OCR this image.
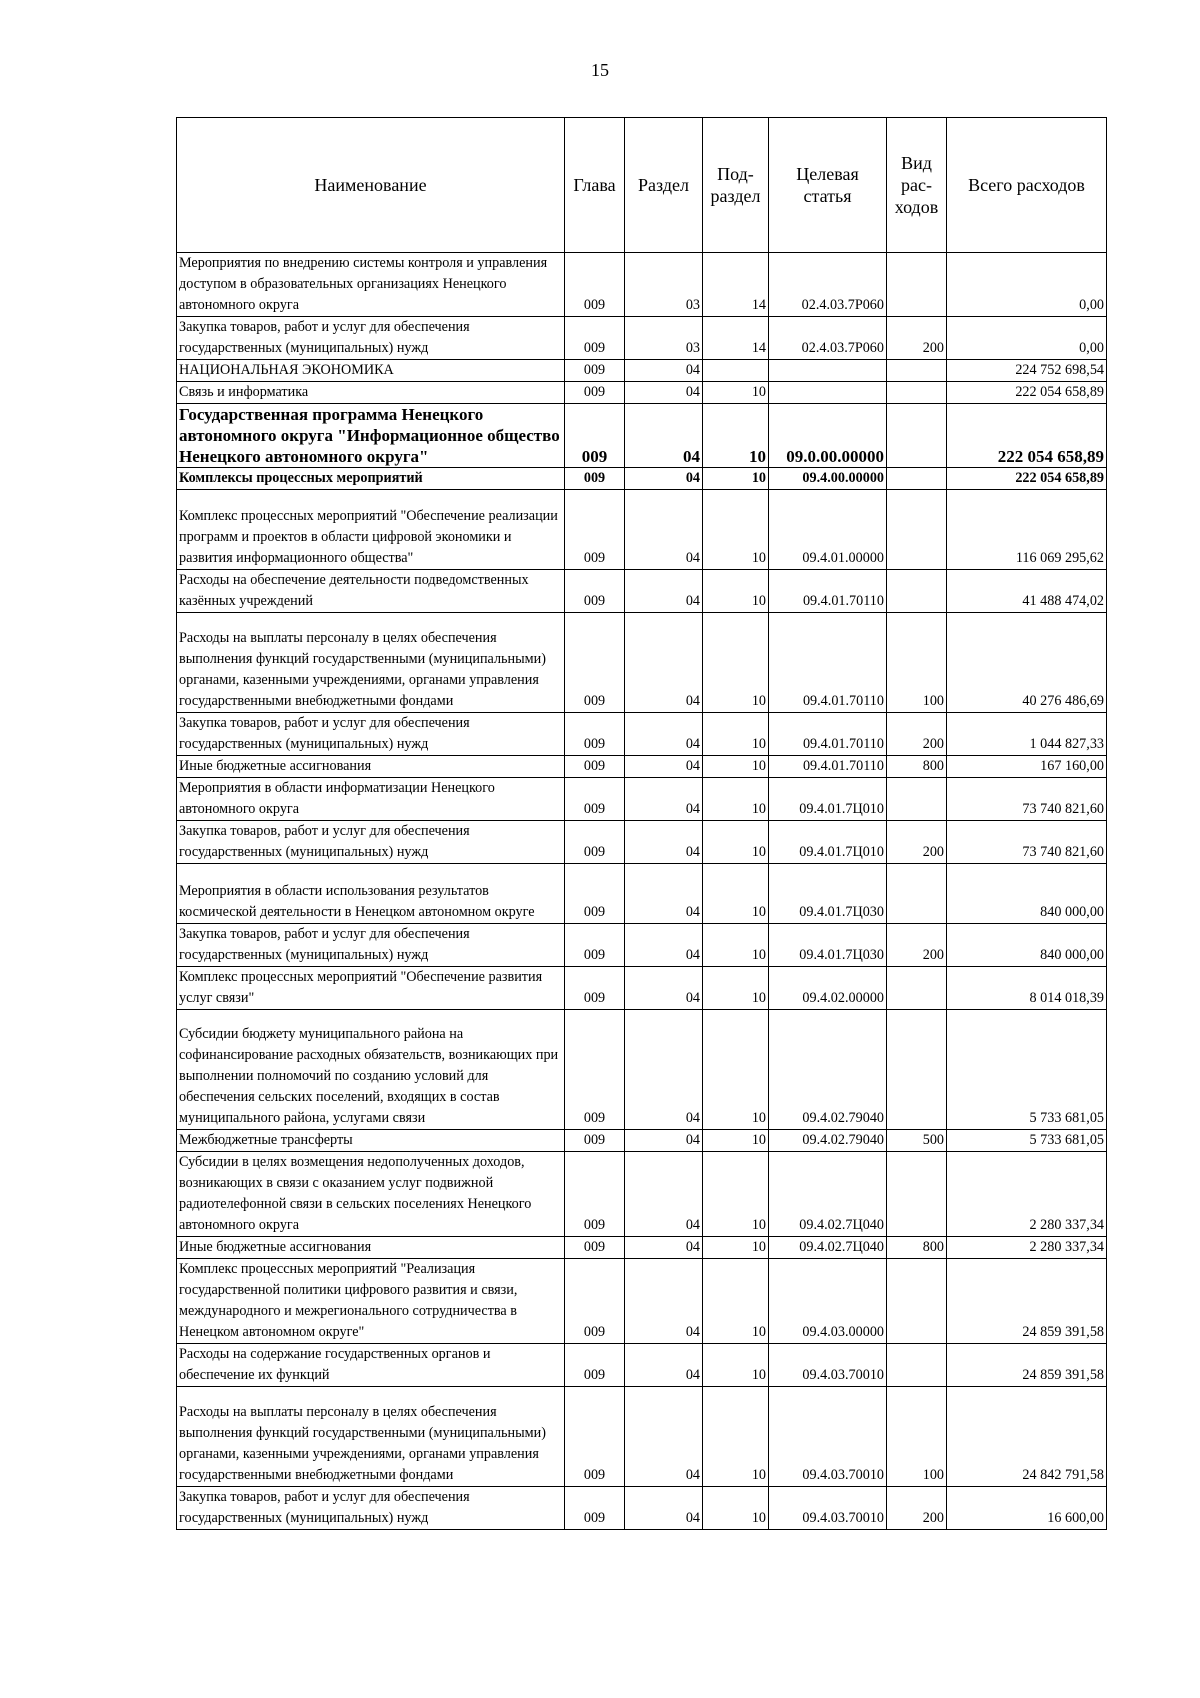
15
Наименование	Глава	Раздел	Под-раздел	Целевая статья	Вид рас-ходов	Всего расходов
Мероприятия по внедрению системы контроля и управления доступом в образовательных организациях Ненецкого автономного округа	009	03	14	02.4.03.7Р060		0,00
Закупка товаров, работ и услуг для обеспечения государственных (муниципальных) нужд	009	03	14	02.4.03.7Р060	200	0,00
НАЦИОНАЛЬНАЯ ЭКОНОМИКА	009	04				224 752 698,54
Связь и информатика	009	04	10			222 054 658,89
Государственная программа Ненецкого автономного округа "Информационное общество Ненецкого автономного округа"	009	04	10	09.0.00.00000		222 054 658,89
Комплексы процессных мероприятий	009	04	10	09.4.00.00000		222 054 658,89
Комплекс процессных мероприятий "Обеспечение реализации программ и проектов в области цифровой экономики и развития информационного общества"	009	04	10	09.4.01.00000		116 069 295,62
Расходы на обеспечение деятельности подведомственных казённых учреждений	009	04	10	09.4.01.70110		41 488 474,02
Расходы на выплаты персоналу в целях обеспечения выполнения функций государственными (муниципальными) органами, казенными учреждениями, органами управления государственными внебюджетными фондами	009	04	10	09.4.01.70110	100	40 276 486,69
Закупка товаров, работ и услуг для обеспечения государственных (муниципальных) нужд	009	04	10	09.4.01.70110	200	1 044 827,33
Иные бюджетные ассигнования	009	04	10	09.4.01.70110	800	167 160,00
Мероприятия в области информатизации Ненецкого автономного округа	009	04	10	09.4.01.7Ц010		73 740 821,60
Закупка товаров, работ и услуг для обеспечения государственных (муниципальных) нужд	009	04	10	09.4.01.7Ц010	200	73 740 821,60
Мероприятия в области использования результатов космической деятельности в Ненецком автономном округе	009	04	10	09.4.01.7Ц030		840 000,00
Закупка товаров, работ и услуг для обеспечения государственных (муниципальных) нужд	009	04	10	09.4.01.7Ц030	200	840 000,00
Комплекс процессных мероприятий "Обеспечение развития услуг связи"	009	04	10	09.4.02.00000		8 014 018,39
Субсидии бюджету муниципального района на софинансирование расходных обязательств, возникающих при выполнении полномочий по созданию условий для обеспечения сельских поселений, входящих в состав муниципального района, услугами связи	009	04	10	09.4.02.79040		5 733 681,05
Межбюджетные трансферты	009	04	10	09.4.02.79040	500	5 733 681,05
Субсидии в целях возмещения недополученных доходов, возникающих в связи с оказанием услуг подвижной радиотелефонной связи в сельских поселениях Ненецкого автономного округа	009	04	10	09.4.02.7Ц040		2 280 337,34
Иные бюджетные ассигнования	009	04	10	09.4.02.7Ц040	800	2 280 337,34
Комплекс процессных мероприятий "Реализация государственной политики цифрового развития и связи, международного и межрегионального сотрудничества в Ненецком автономном округе"	009	04	10	09.4.03.00000		24 859 391,58
Расходы на содержание государственных органов и обеспечение их функций	009	04	10	09.4.03.70010		24 859 391,58
Расходы на выплаты персоналу в целях обеспечения выполнения функций государственными (муниципальными) органами, казенными учреждениями, органами управления государственными внебюджетными фондами	009	04	10	09.4.03.70010	100	24 842 791,58
Закупка товаров, работ и услуг для обеспечения государственных (муниципальных) нужд	009	04	10	09.4.03.70010	200	16 600,00
